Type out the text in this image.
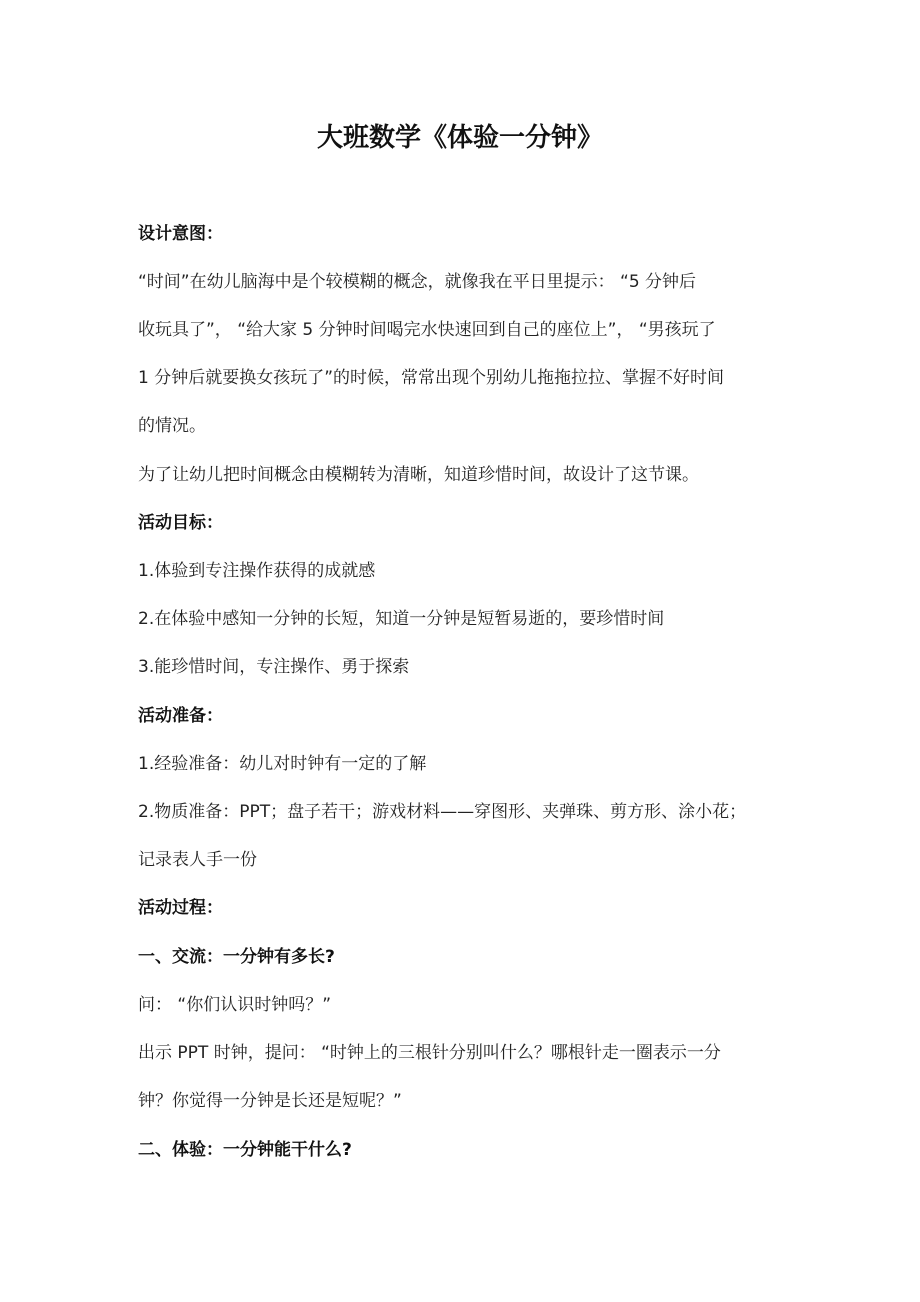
大班数学《体验一分钟》
设计意图：
“时间”在幼儿脑海中是个较模糊的概念，就像我在平日里提示： “5 分钟后
收玩具了”， “给大家 5 分钟时间喝完水快速回到自己的座位上”， “男孩玩了
1 分钟后就要换女孩玩了”的时候，常常出现个别幼儿拖拖拉拉、掌握不好时间
的情况。
为了让幼儿把时间概念由模糊转为清晰，知道珍惜时间，故设计了这节课。
活动目标：
1.体验到专注操作获得的成就感
2.在体验中感知一分钟的长短，知道一分钟是短暂易逝的，要珍惜时间
3.能珍惜时间，专注操作、勇于探索
活动准备：
1.经验准备：幼儿对时钟有一定的了解
2.物质准备：PPT；盘子若干；游戏材料——穿图形、夹弹珠、剪方形、涂小花；
记录表人手一份
活动过程：
一、交流：一分钟有多长?
问： “你们认识时钟吗？”
出示 PPT 时钟，提问： “时钟上的三根针分别叫什么？哪根针走一圈表示一分
钟？你觉得一分钟是长还是短呢？”
二、体验：一分钟能干什么?
